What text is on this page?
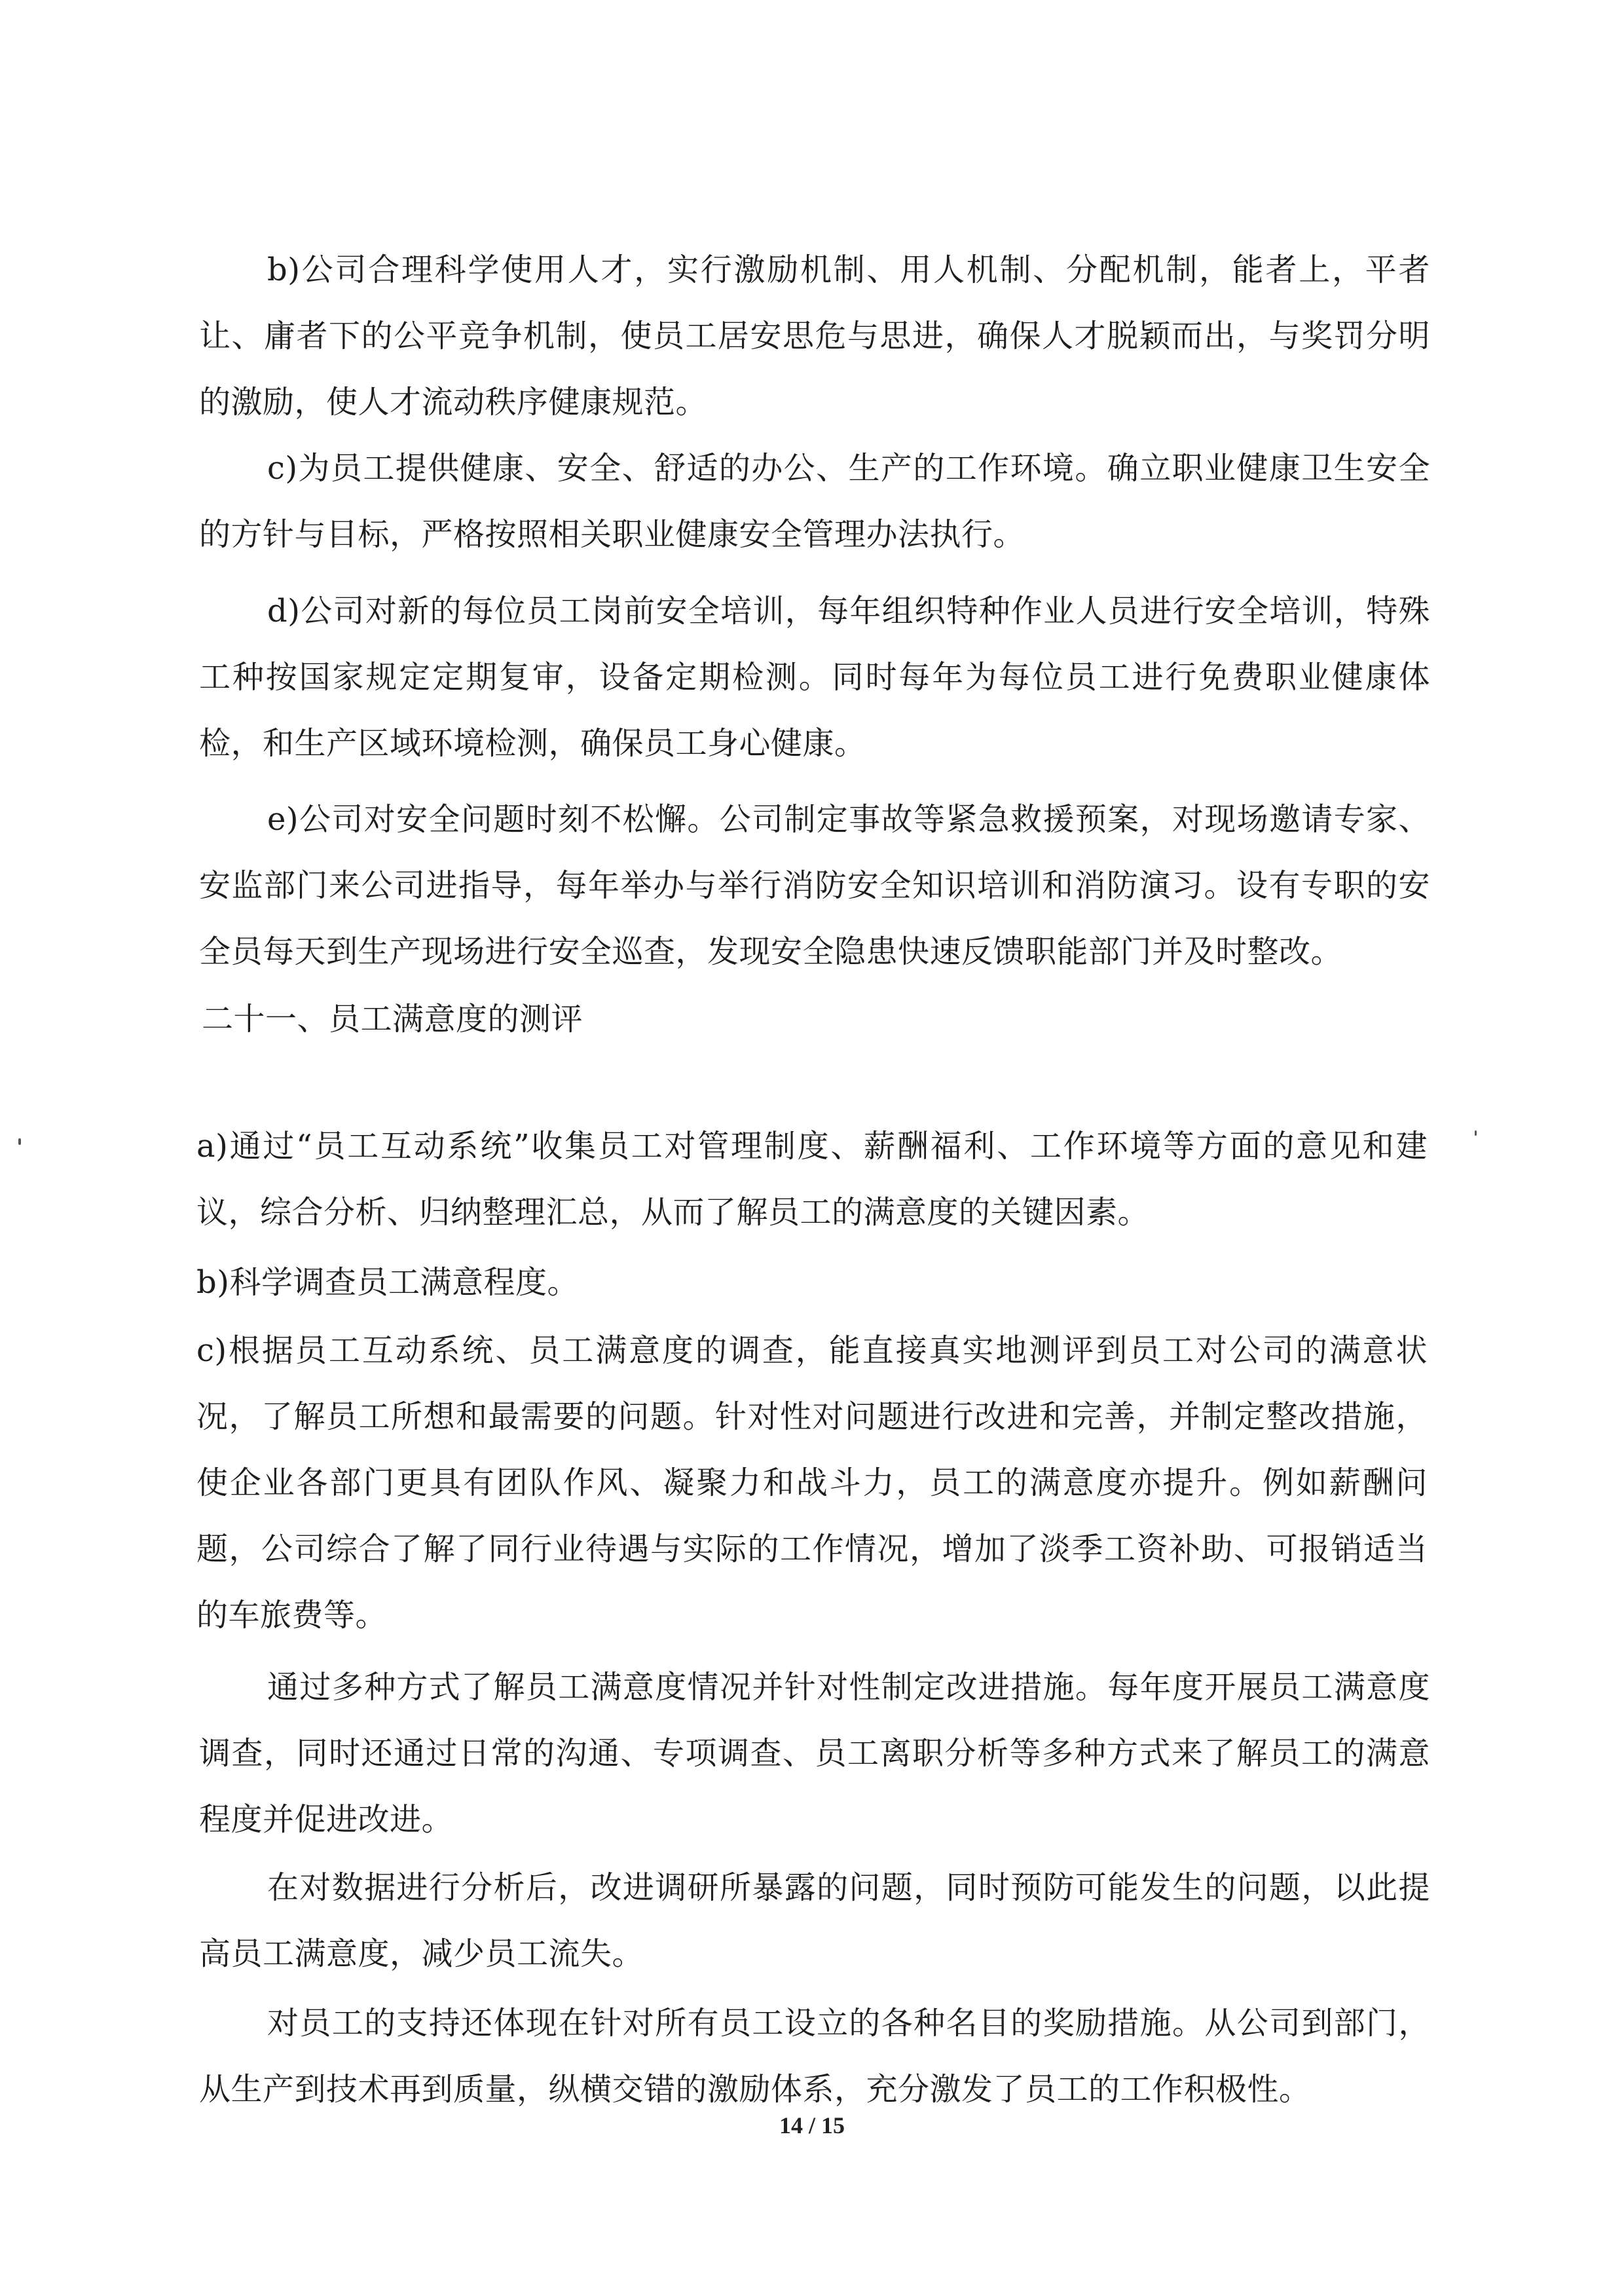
b)公司合理科学使用人才，实行激励机制、用人机制、分配机制，能者上，平者让、庸者下的公平竞争机制，使员工居安思危与思进，确保人才脱颖而出，与奖罚分明的激励，使人才流动秩序健康规范。

c)为员工提供健康、安全、舒适的办公、生产的工作环境。确立职业健康卫生安全的方针与目标，严格按照相关职业健康安全管理办法执行。

d)公司对新的每位员工岗前安全培训，每年组织特种作业人员进行安全培训，特殊工种按国家规定定期复审，设备定期检测。同时每年为每位员工进行免费职业健康体检，和生产区域环境检测，确保员工身心健康。

e)公司对安全问题时刻不松懈。公司制定事故等紧急救援预案，对现场邀请专家、安监部门来公司进指导，每年举办与举行消防安全知识培训和消防演习。设有专职的安全员每天到生产现场进行安全巡查，发现安全隐患快速反馈职能部门并及时整改。

二十一、员工满意度的测评

a)通过“员工互动系统”收集员工对管理制度、薪酬福利、工作环境等方面的意见和建议，综合分析、归纳整理汇总，从而了解员工的满意度的关键因素。

b)科学调查员工满意程度。

c)根据员工互动系统、员工满意度的调查，能直接真实地测评到员工对公司的满意状况，了解员工所想和最需要的问题。针对性对问题进行改进和完善，并制定整改措施，使企业各部门更具有团队作风、凝聚力和战斗力，员工的满意度亦提升。例如薪酬问题，公司综合了解了同行业待遇与实际的工作情况，增加了淡季工资补助、可报销适当的车旅费等。

通过多种方式了解员工满意度情况并针对性制定改进措施。每年度开展员工满意度调查，同时还通过日常的沟通、专项调查、员工离职分析等多种方式来了解员工的满意程度并促进改进。

在对数据进行分析后，改进调研所暴露的问题，同时预防可能发生的问题，以此提高员工满意度，减少员工流失。

对员工的支持还体现在针对所有员工设立的各种名目的奖励措施。从公司到部门，从生产到技术再到质量，纵横交错的激励体系，充分激发了员工的工作积极性。

14 / 15
